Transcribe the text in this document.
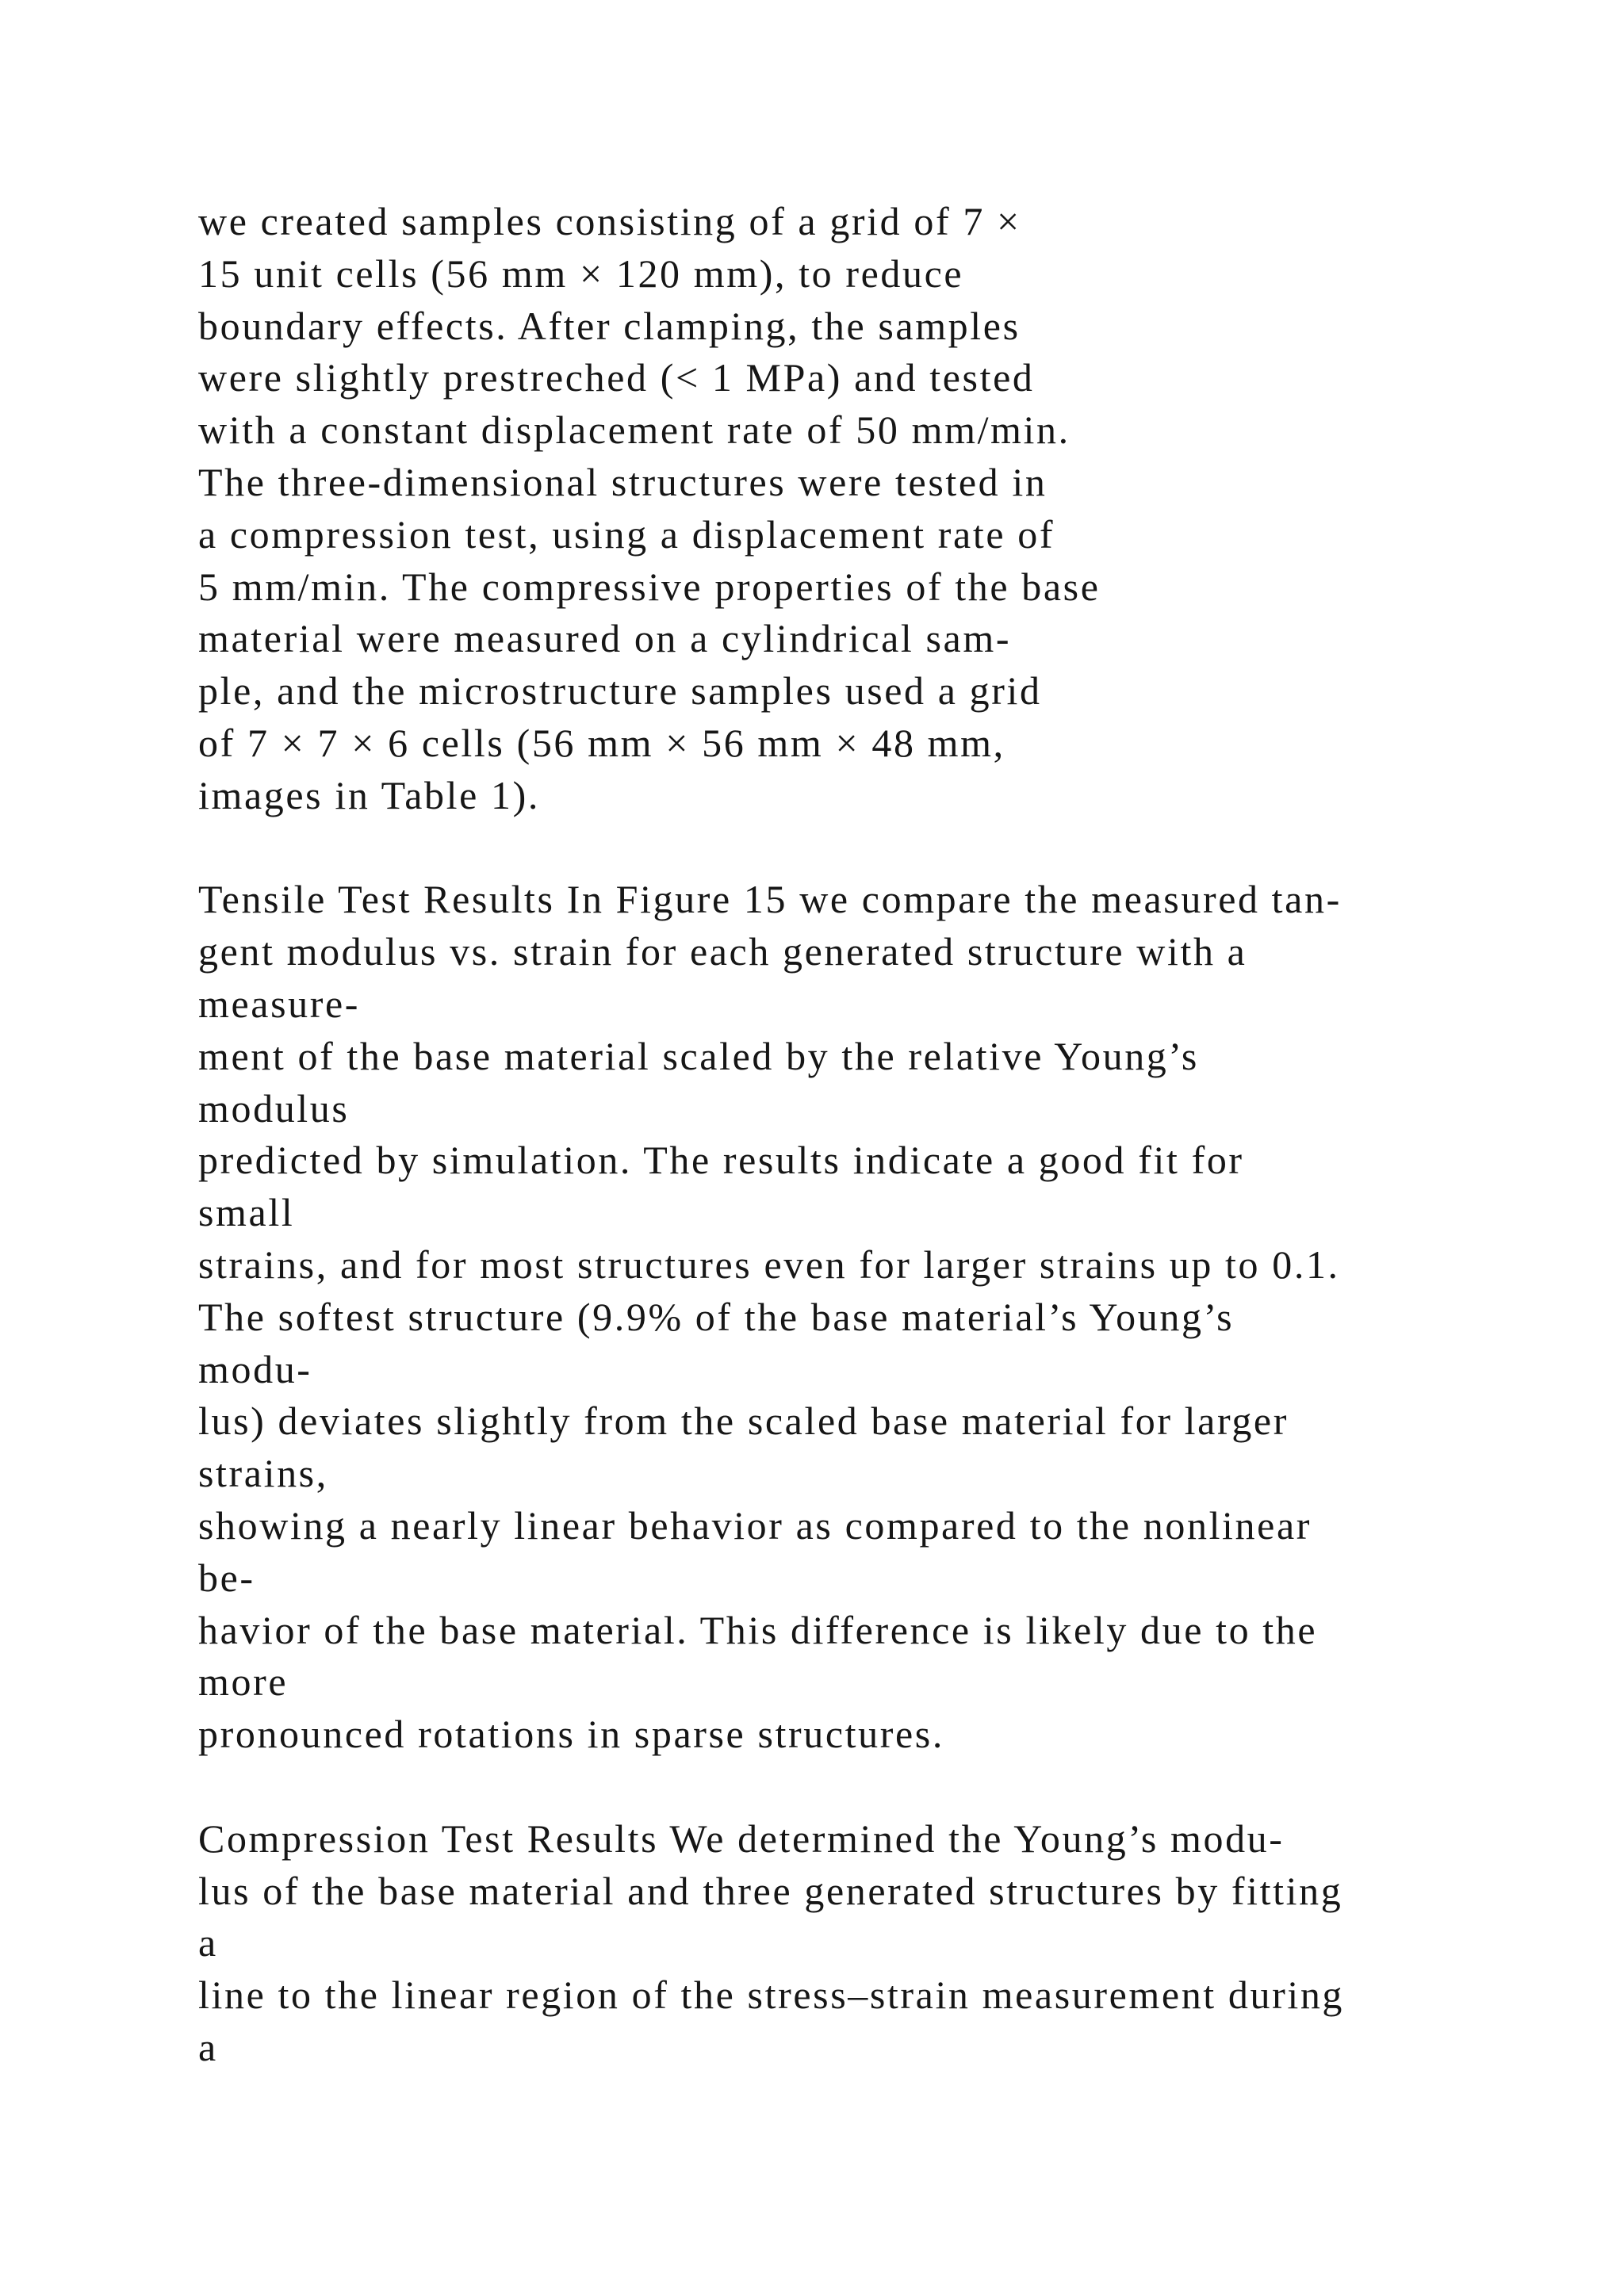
we created samples consisting of a grid of 7 ×
15 unit cells (56 mm × 120 mm), to reduce
boundary effects. After clamping, the samples
were slightly prestreched (< 1 MPa) and tested
with a constant displacement rate of 50 mm/min.
The three-dimensional structures were tested in
a compression test, using a displacement rate of
5 mm/min. The compressive properties of the base
material were measured on a cylindrical sam-
ple, and the microstructure samples used a grid
of 7 × 7 × 6 cells (56 mm × 56 mm × 48 mm,
images in Table 1).
Tensile Test Results In Figure 15 we compare the measured tan-
gent modulus vs. strain for each generated structure with a
measure-
ment of the base material scaled by the relative Young’s
modulus
predicted by simulation. The results indicate a good fit for
small
strains, and for most structures even for larger strains up to 0.1.
The softest structure (9.9% of the base material’s Young’s
modu-
lus) deviates slightly from the scaled base material for larger
strains,
showing a nearly linear behavior as compared to the nonlinear
be-
havior of the base material. This difference is likely due to the
more
pronounced rotations in sparse structures.
Compression Test Results We determined the Young’s modu-
lus of the base material and three generated structures by fitting
a
line to the linear region of the stress–strain measurement during
a
